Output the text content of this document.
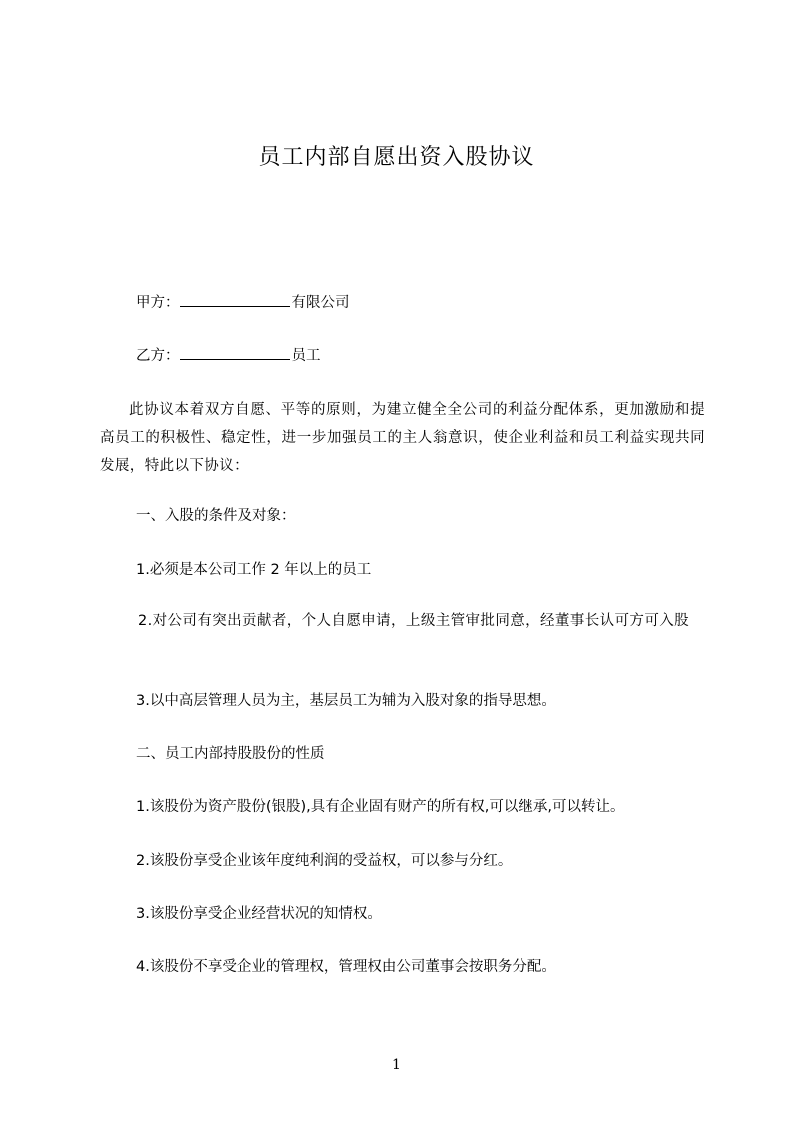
员工内部自愿出资入股协议
甲方：	有限公司
乙方：	员工
此协议本着双方自愿、平等的原则，为建立健全全公司的利益分配体系，更加激励和提高员工的积极性、稳定性，进一步加强员工的主人翁意识，使企业利益和员工利益实现共同发展，特此以下协议：
一、入股的条件及对象：
1.必须是本公司工作 2 年以上的员工
2.对公司有突出贡献者，个人自愿申请，上级主管审批同意，经董事长认可方可入股
3.以中高层管理人员为主，基层员工为辅为入股对象的指导思想。
二、员工内部持股股份的性质
1.该股份为资产股份(银股),具有企业固有财产的所有权,可以继承,可以转让。
2.该股份享受企业该年度纯利润的受益权，可以参与分红。
3.该股份享受企业经营状况的知情权。
4.该股份不享受企业的管理权，管理权由公司董事会按职务分配。
1
